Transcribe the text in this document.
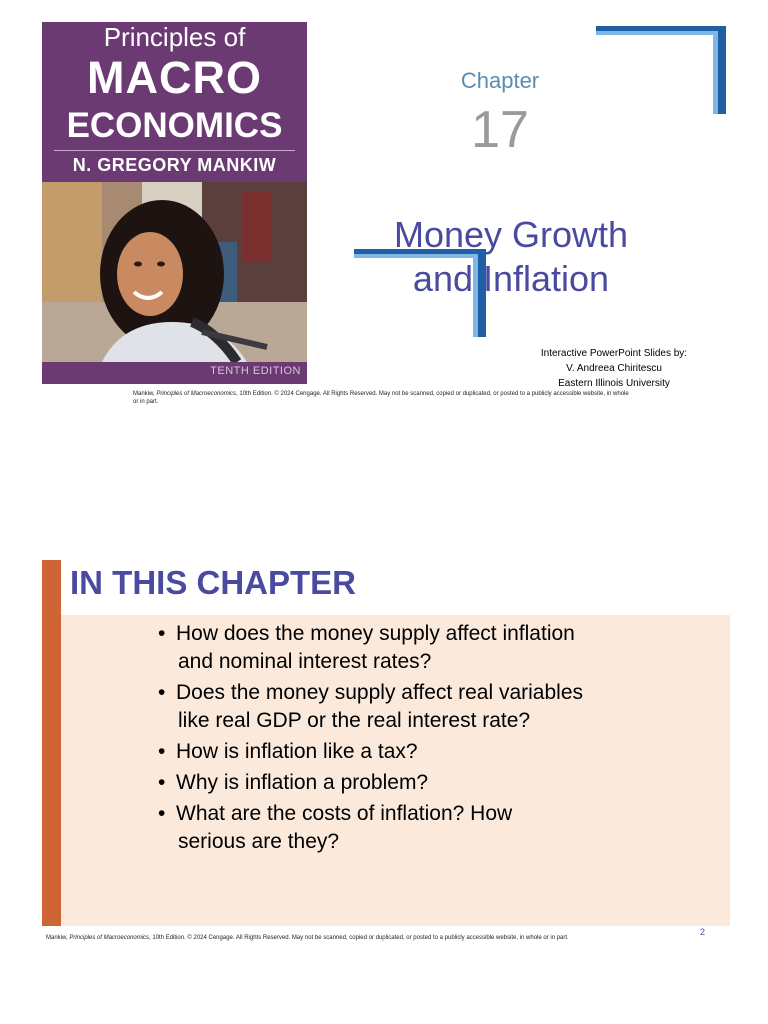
Principles of
MACRO
ECONOMICS
N. GREGORY MANKIW
TENTH EDITION
Chapter
17
Money Growth
and Inflation
Interactive PowerPoint Slides by:
V. Andreea Chiritescu
Eastern Illinois University
Mankiw, Principles of Macroeconomics, 10th Edition. © 2024 Cengage. All Rights Reserved. May not be scanned, copied or duplicated, or posted to a publicly accessible website, in whole or in part.
IN THIS CHAPTER
• How does the money supply affect inflation
and nominal interest rates?
• Does the money supply affect real variables
like real GDP or the real interest rate?
• How is inflation like a tax?
• Why is inflation a problem?
• What are the costs of inflation? How
serious are they?
2
Mankiw, Principles of Macroeconomics, 10th Edition. © 2024 Cengage. All Rights Reserved. May not be scanned, copied or duplicated, or posted to a publicly accessible website, in whole or in part.
